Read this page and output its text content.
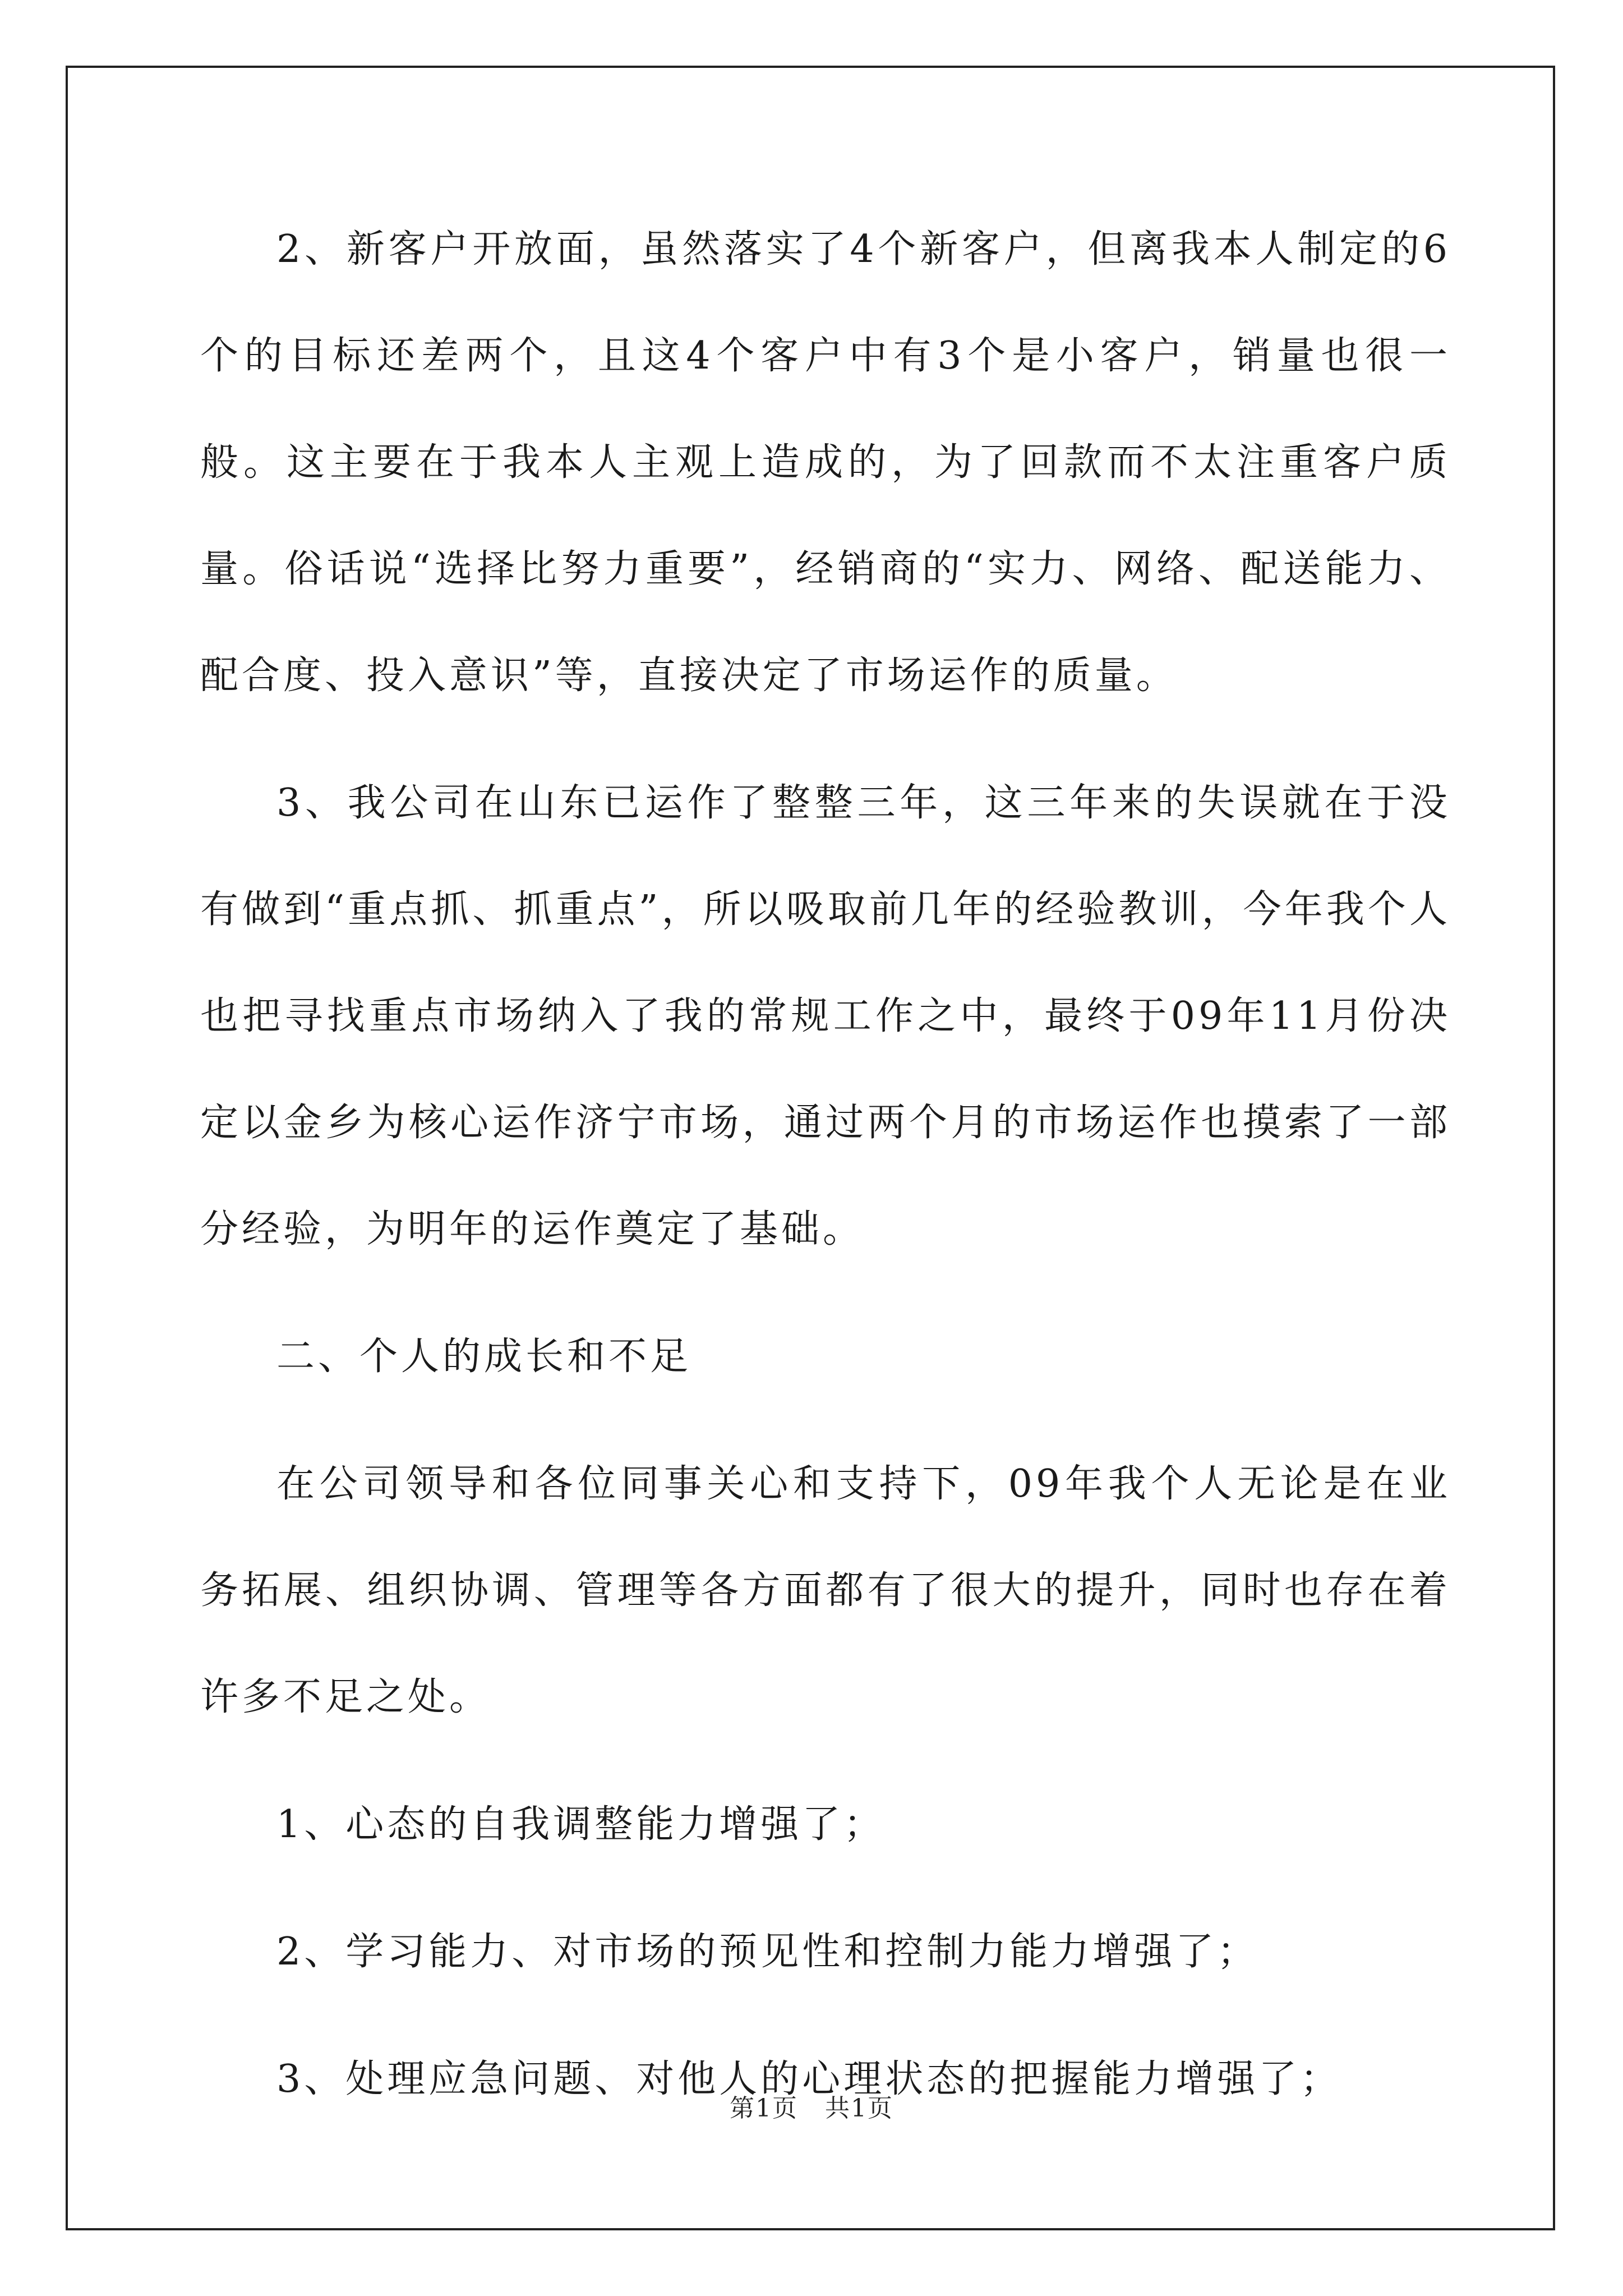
2、新客户开放面，虽然落实了4个新客户，但离我本人制定的6个的目标还差两个，且这4个客户中有3个是小客户，销量也很一般。这主要在于我本人主观上造成的，为了回款而不太注重客户质量。俗话说“选择比努力重要”，经销商的“实力、网络、配送能力、配合度、投入意识”等，直接决定了市场运作的质量。

3、我公司在山东已运作了整整三年，这三年来的失误就在于没有做到“重点抓、抓重点”，所以吸取前几年的经验教训，今年我个人也把寻找重点市场纳入了我的常规工作之中，最终于09年11月份决定以金乡为核心运作济宁市场，通过两个月的市场运作也摸索了一部分经验，为明年的运作奠定了基础。

二、个人的成长和不足

在公司领导和各位同事关心和支持下，09年我个人无论是在业务拓展、组织协调、管理等各方面都有了很大的提升，同时也存在着许多不足之处。

1、心态的自我调整能力增强了；

2、学习能力、对市场的预见性和控制力能力增强了；

3、处理应急问题、对他人的心理状态的把握能力增强了；

第1页 共1页
